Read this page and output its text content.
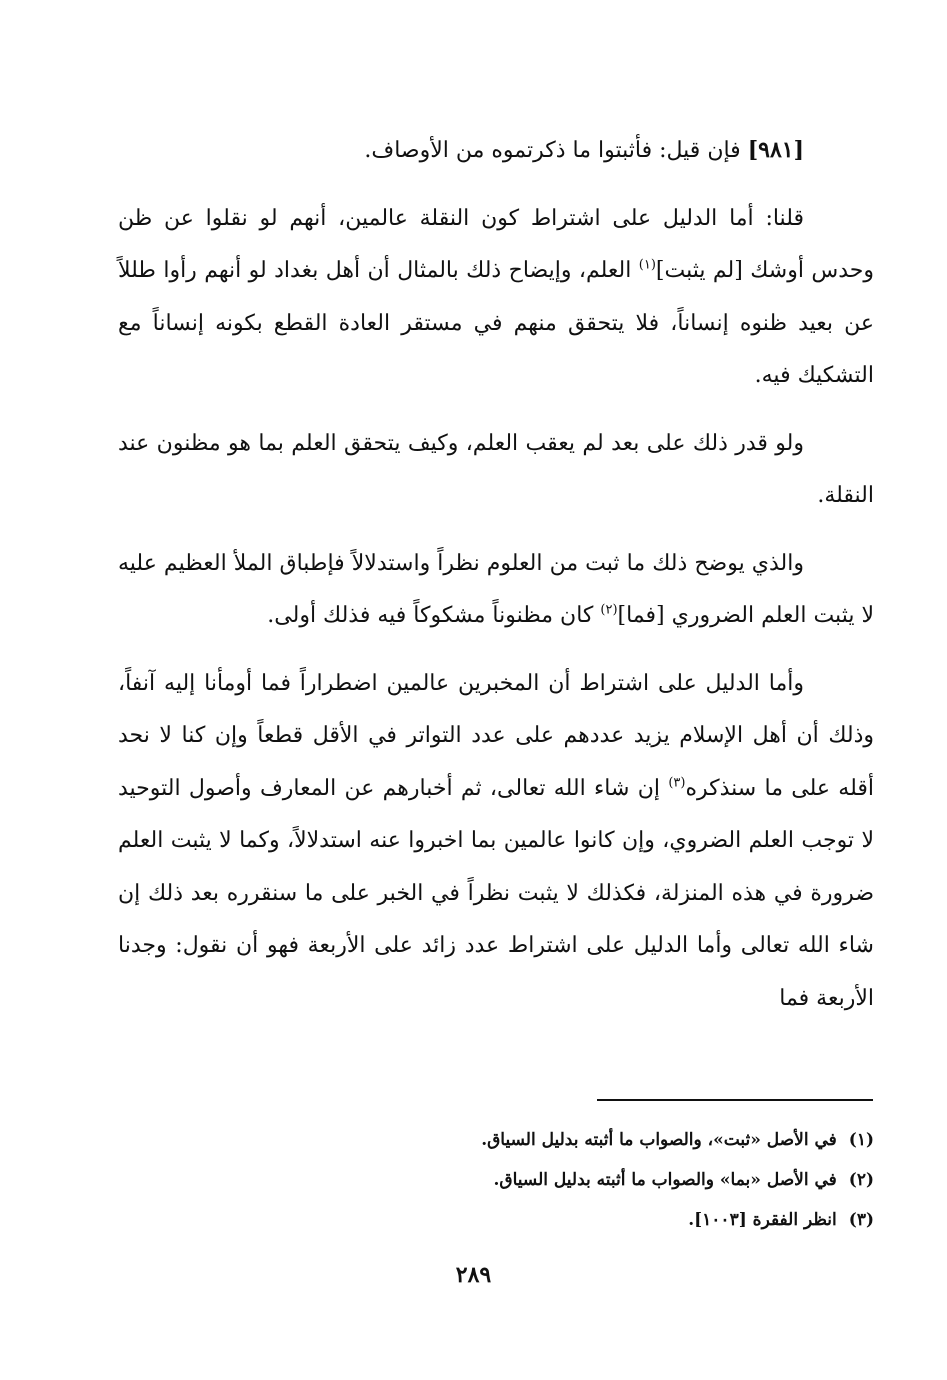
[٩٨١] فإن قيل: فأثبتوا ما ذكرتموه من الأوصاف.

قلنا: أما الدليل على اشتراط كون النقلة عالمين، أنهم لو نقلوا عن ظن وحدس أوشك [لم يثبت]$^{(١)}$ العلم، وإيضاح ذلك بالمثال أن أهل بغداد لو أنهم رأوا طللاً عن بعيد ظنوه إنساناً، فلا يتحقق منهم في مستقر العادة القطع بكونه إنساناً مع التشكيك فيه.

ولو قدر ذلك على بعد لم يعقب العلم، وكيف يتحقق العلم بما هو مظنون عند النقلة.

والذي يوضح ذلك ما ثبت من العلوم نظراً واستدلالاً فإطباق الملأ العظيم عليه لا يثبت العلم الضروري [فما]$^{(٢)}$ كان مظنوناً مشكوكاً فيه فذلك أولى.

وأما الدليل على اشتراط أن المخبرين عالمين اضطراراً فما أومأنا إليه آنفاً، وذلك أن أهل الإسلام يزيد عددهم على عدد التواتر في الأقل قطعاً وإن كنا لا نحد أقله على ما سنذكره$^{(٣)}$ إن شاء الله تعالى، ثم أخبارهم عن المعارف وأصول التوحيد لا توجب العلم الضروي، وإن كانوا عالمين بما اخبروا عنه استدلالاً، وكما لا يثبت العلم ضرورة في هذه المنزلة، فكذلك لا يثبت نظراً في الخبر على ما سنقرره بعد ذلك إن شاء الله تعالى وأما الدليل على اشتراط عدد زائد على الأربعة فهو أن نقول: وجدنا الأربعة فما

(١)في الأصل «ثبت»، والصواب ما أثبته بدليل السياق.
(٢)في الأصل «بما» والصواب ما أثبته بدليل السياق.
(٣)انظر الفقرة [١٠٠٣].
٢٨٩
